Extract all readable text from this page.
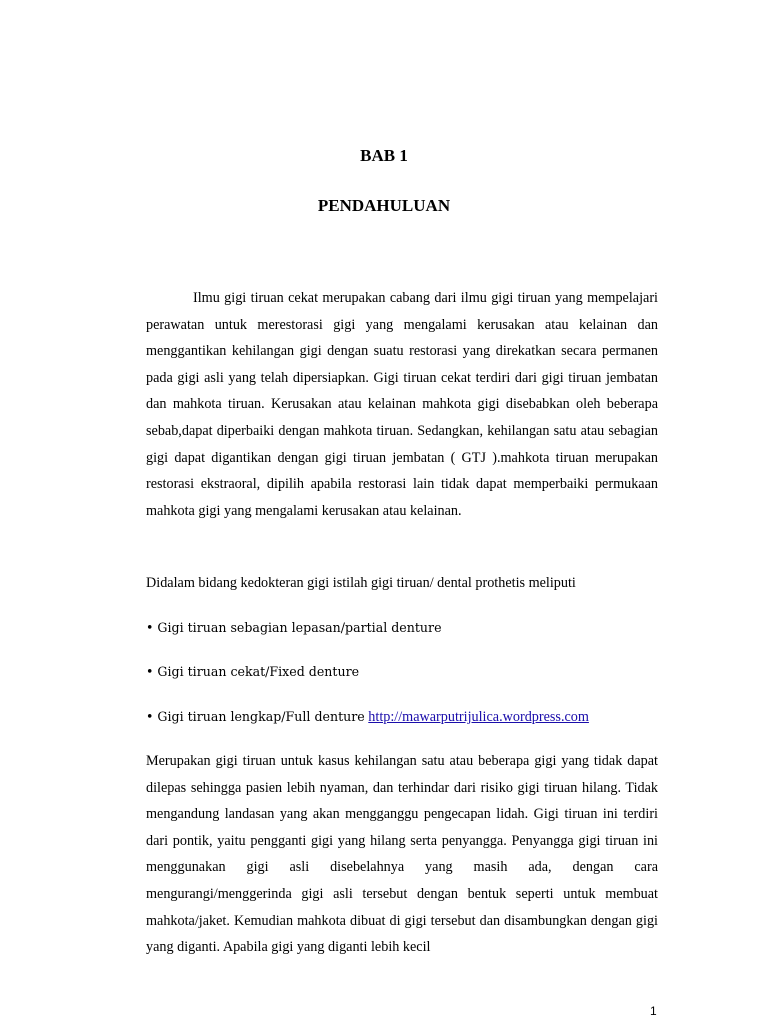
BAB 1
PENDAHULUAN

Ilmu gigi tiruan cekat merupakan cabang dari ilmu gigi tiruan yang mempelajari perawatan untuk merestorasi gigi yang mengalami kerusakan atau kelainan dan menggantikan kehilangan gigi dengan suatu restorasi yang direkatkan secara permanen pada gigi asli yang telah dipersiapkan. Gigi tiruan cekat terdiri dari gigi tiruan jembatan dan mahkota tiruan. Kerusakan atau kelainan mahkota gigi disebabkan oleh beberapa sebab,dapat diperbaiki dengan mahkota tiruan. Sedangkan, kehilangan satu atau sebagian gigi dapat digantikan dengan gigi tiruan jembatan ( GTJ ).mahkota tiruan merupakan restorasi ekstraoral, dipilih apabila restorasi lain tidak dapat memperbaiki permukaan mahkota gigi yang mengalami kerusakan atau kelainan.

Didalam bidang kedokteran gigi istilah gigi tiruan/ dental prothetis meliputi
• Gigi tiruan sebagian lepasan/partial denture
• Gigi tiruan cekat/Fixed denture
• Gigi tiruan lengkap/Full denture http://mawarputrijulica.wordpress.com

Merupakan gigi tiruan untuk kasus kehilangan satu atau beberapa gigi yang tidak dapat dilepas sehingga pasien lebih nyaman, dan terhindar dari risiko gigi tiruan hilang. Tidak mengandung landasan yang akan mengganggu pengecapan lidah. Gigi tiruan ini terdiri dari pontik, yaitu pengganti gigi yang hilang serta penyangga. Penyangga gigi tiruan ini menggunakan gigi asli disebelahnya yang masih ada, dengan cara mengurangi/menggerinda gigi asli tersebut dengan bentuk seperti untuk membuat mahkota/jaket. Kemudian mahkota dibuat di gigi tersebut dan disambungkan dengan gigi yang diganti. Apabila gigi yang diganti lebih kecil

1
